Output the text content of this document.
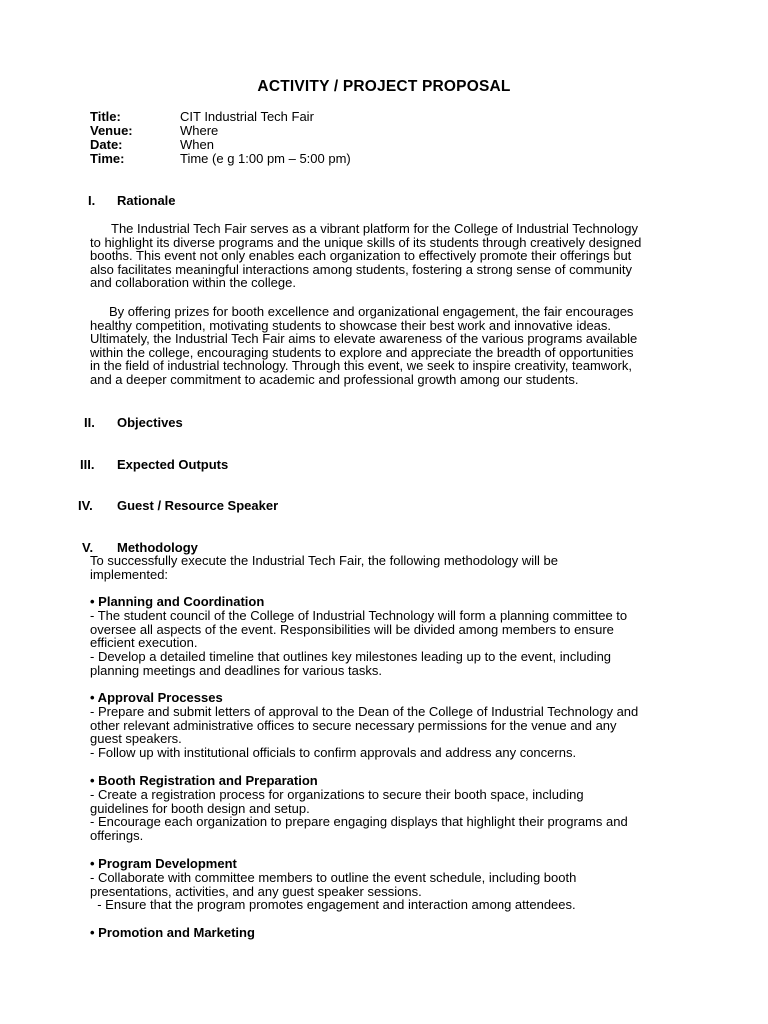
ACTIVITY / PROJECT PROPOSAL
Title:	CIT Industrial Tech Fair
Venue:	Where
Date:	When
Time:	Time (e g 1:00 pm – 5:00 pm)
I. Rationale

The Industrial Tech Fair serves as a vibrant platform for the College of Industrial Technology

to highlight its diverse programs and the unique skills of its students through creatively designed

booths. This event not only enables each organization to effectively promote their offerings but

also facilitates meaningful interactions among students, fostering a strong sense of community

and collaboration within the college.

By offering prizes for booth excellence and organizational engagement, the fair encourages

healthy competition, motivating students to showcase their best work and innovative ideas.

Ultimately, the Industrial Tech Fair aims to elevate awareness of the various programs available

within the college, encouraging students to explore and appreciate the breadth of opportunities

in the field of industrial technology. Through this event, we seek to inspire creativity, teamwork,

and a deeper commitment to academic and professional growth among our students.

II. Objectives
III. Expected Outputs
IV. Guest / Resource Speaker
V. Methodology

To successfully execute the Industrial Tech Fair, the following methodology will be

implemented:

• Planning and Coordination

- The student council of the College of Industrial Technology will form a planning committee to

oversee all aspects of the event. Responsibilities will be divided among members to ensure

efficient execution.

- Develop a detailed timeline that outlines key milestones leading up to the event, including

planning meetings and deadlines for various tasks.

• Approval Processes

- Prepare and submit letters of approval to the Dean of the College of Industrial Technology and

other relevant administrative offices to secure necessary permissions for the venue and any

guest speakers.

- Follow up with institutional officials to confirm approvals and address any concerns.

• Booth Registration and Preparation

- Create a registration process for organizations to secure their booth space, including

guidelines for booth design and setup.

- Encourage each organization to prepare engaging displays that highlight their programs and

offerings.

• Program Development

- Collaborate with committee members to outline the event schedule, including booth

presentations, activities, and any guest speaker sessions.

- Ensure that the program promotes engagement and interaction among attendees.

• Promotion and Marketing
